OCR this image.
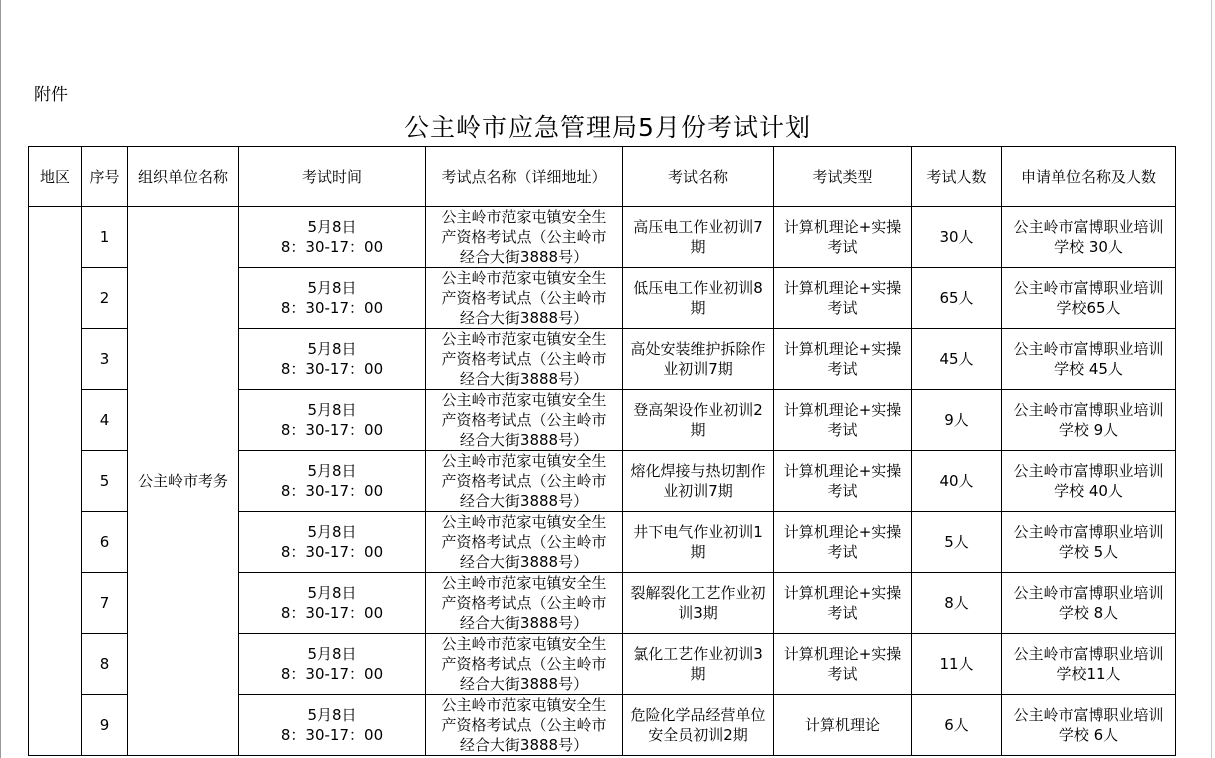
附件
公主岭市应急管理局5月份考试计划
地区	序号	组织单位名称	考试时间	考试点名称（详细地址）	考试名称	考试类型	考试人数	申请单位名称及人数
	1	公主岭市考务	5月8日
8：30-17：00	公主岭市范家屯镇安全生
产资格考试点（公主岭市
经合大街3888号）	高压电工作业初训7
期	计算机理论+实操
考试	30人	公主岭市富博职业培训
学校 30人

	2		5月8日
8：30-17：00	公主岭市范家屯镇安全生
产资格考试点（公主岭市
经合大街3888号）	低压电工作业初训8
期	计算机理论+实操
考试	65人	公主岭市富博职业培训
学校65人

	3		5月8日
8：30-17：00	公主岭市范家屯镇安全生
产资格考试点（公主岭市
经合大街3888号）	高处安装维护拆除作
业初训7期	计算机理论+实操
考试	45人	公主岭市富博职业培训
学校 45人

	4		5月8日
8：30-17：00	公主岭市范家屯镇安全生
产资格考试点（公主岭市
经合大街3888号）	登高架设作业初训2
期	计算机理论+实操
考试	9人	公主岭市富博职业培训
学校 9人

	5		5月8日
8：30-17：00	公主岭市范家屯镇安全生
产资格考试点（公主岭市
经合大街3888号）	熔化焊接与热切割作
业初训7期	计算机理论+实操
考试	40人	公主岭市富博职业培训
学校 40人

	6		5月8日
8：30-17：00	公主岭市范家屯镇安全生
产资格考试点（公主岭市
经合大街3888号）	井下电气作业初训1
期	计算机理论+实操
考试	5人	公主岭市富博职业培训
学校 5人

	7		5月8日
8：30-17：00	公主岭市范家屯镇安全生
产资格考试点（公主岭市
经合大街3888号）	裂解裂化工艺作业初
训3期	计算机理论+实操
考试	8人	公主岭市富博职业培训
学校 8人

	8		5月8日
8：30-17：00	公主岭市范家屯镇安全生
产资格考试点（公主岭市
经合大街3888号）	氯化工艺作业初训3
期	计算机理论+实操
考试	11人	公主岭市富博职业培训
学校11人

	9		5月8日
8：30-17：00	公主岭市范家屯镇安全生
产资格考试点（公主岭市
经合大街3888号）	危险化学品经营单位
安全员初训2期	计算机理论	6人	公主岭市富博职业培训
学校 6人
